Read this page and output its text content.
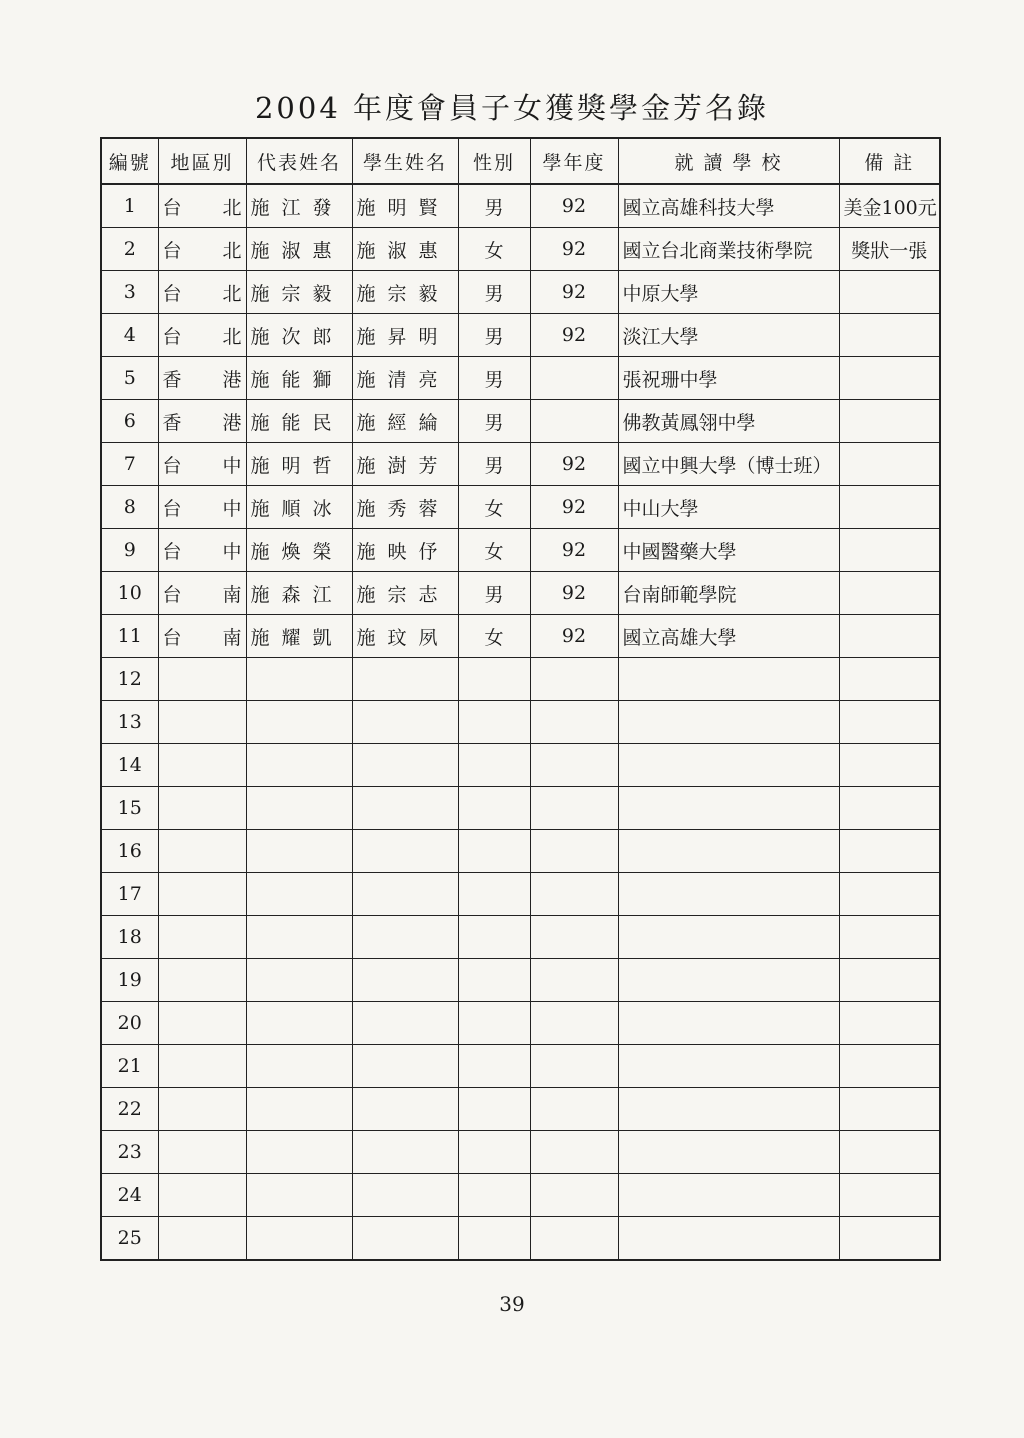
2004 年度會員子女獲獎學金芳名錄
編號	地區別	代表姓名	學生姓名	性別	學年度	就 讀 學 校	備 註
1	台 北	施江發	施明賢	男	92	國立高雄科技大學	美金100元
2	台 北	施淑惠	施淑惠	女	92	國立台北商業技術學院	獎狀一張
3	台 北	施宗毅	施宗毅	男	92	中原大學	
4	台 北	施次郎	施昇明	男	92	淡江大學	
5	香 港	施能獅	施清亮	男		張祝珊中學	
6	香 港	施能民	施經綸	男		佛教黃鳳翎中學	
7	台 中	施明哲	施澍芳	男	92	國立中興大學（博士班）	
8	台 中	施順冰	施秀蓉	女	92	中山大學	
9	台 中	施煥榮	施映伃	女	92	中國醫藥大學	
10	台 南	施森江	施宗志	男	92	台南師範學院	
11	台 南	施耀凱	施玟夙	女	92	國立高雄大學	
12	

13	

14	

15	

16	

17	

18	

19	

20	

21	

22	

23	

24	

25	

39
